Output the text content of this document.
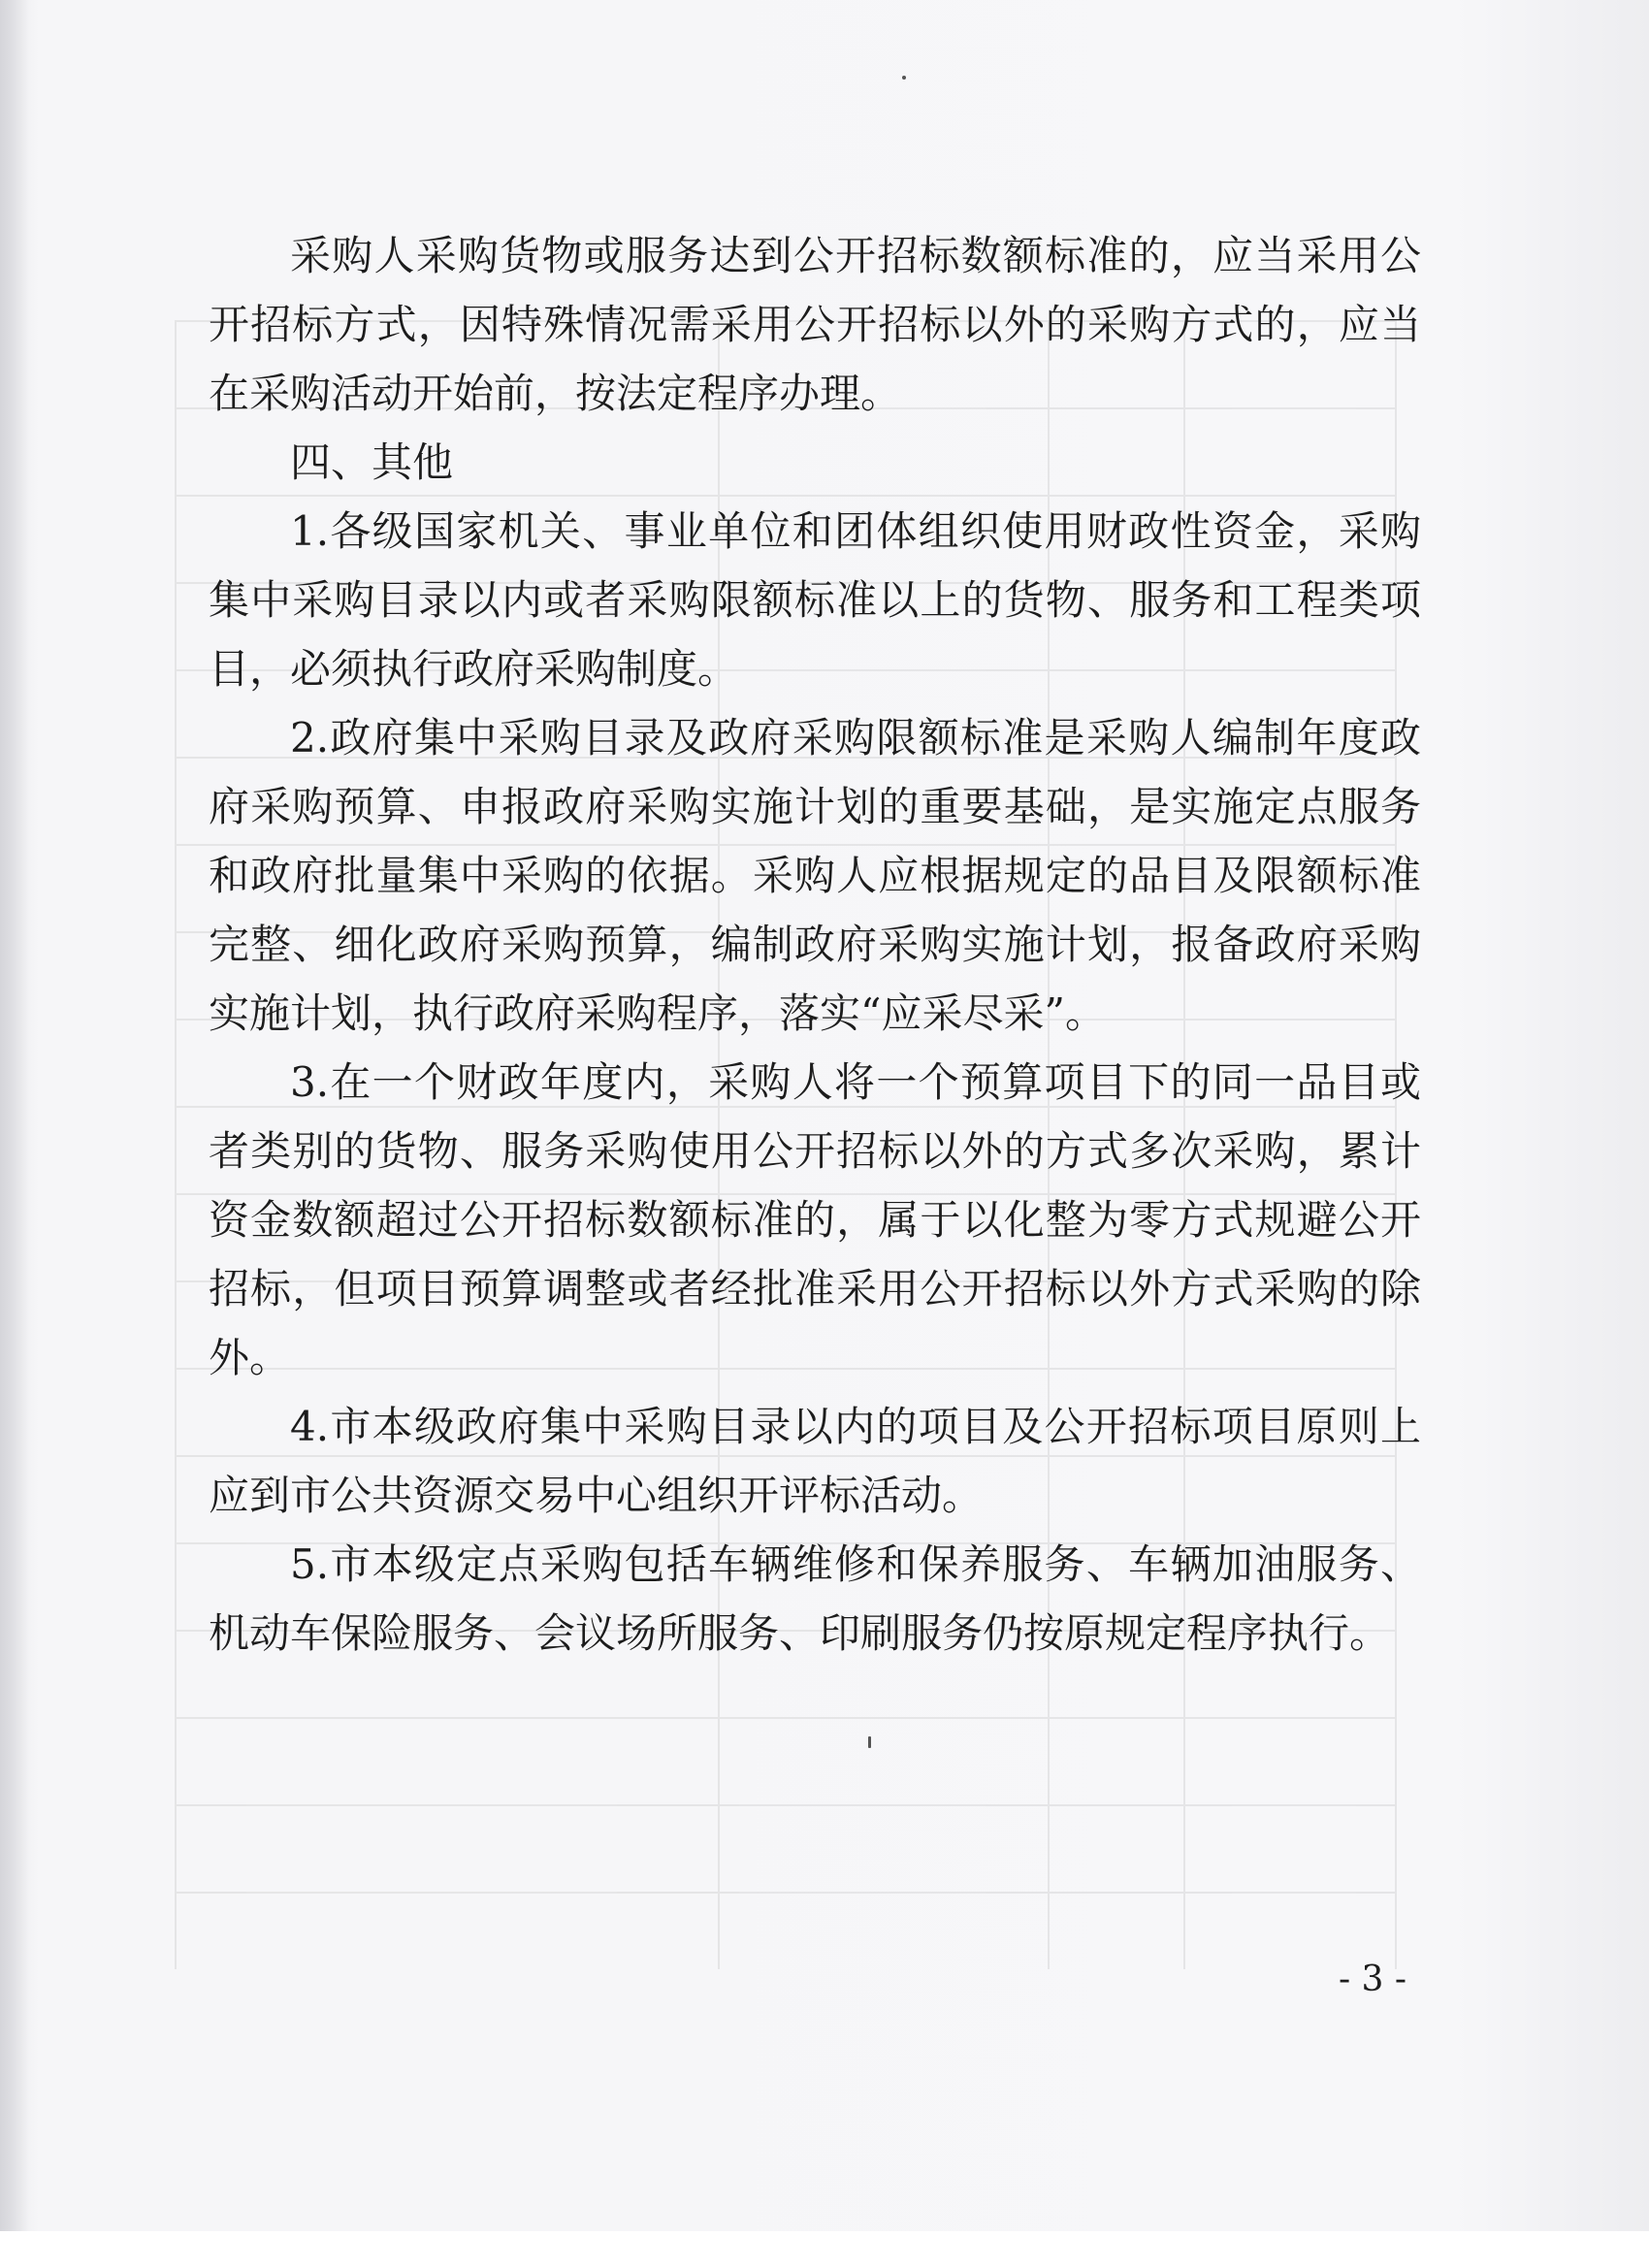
采购人采购货物或服务达到公开招标数额标准的，应当采用公开招标方式，因特殊情况需采用公开招标以外的采购方式的，应当在采购活动开始前，按法定程序办理。

四、其他

1.各级国家机关、事业单位和团体组织使用财政性资金，采购集中采购目录以内或者采购限额标准以上的货物、服务和工程类项目，必须执行政府采购制度。

2.政府集中采购目录及政府采购限额标准是采购人编制年度政府采购预算、申报政府采购实施计划的重要基础，是实施定点服务和政府批量集中采购的依据。采购人应根据规定的品目及限额标准完整、细化政府采购预算，编制政府采购实施计划，报备政府采购实施计划，执行政府采购程序，落实“应采尽采”。

3.在一个财政年度内，采购人将一个预算项目下的同一品目或者类别的货物、服务采购使用公开招标以外的方式多次采购，累计资金数额超过公开招标数额标准的，属于以化整为零方式规避公开招标，但项目预算调整或者经批准采用公开招标以外方式采购的除外。

4.市本级政府集中采购目录以内的项目及公开招标项目原则上应到市公共资源交易中心组织开评标活动。

5.市本级定点采购包括车辆维修和保养服务、车辆加油服务、机动车保险服务、会议场所服务、印刷服务仍按原规定程序执行。

- 3 -
